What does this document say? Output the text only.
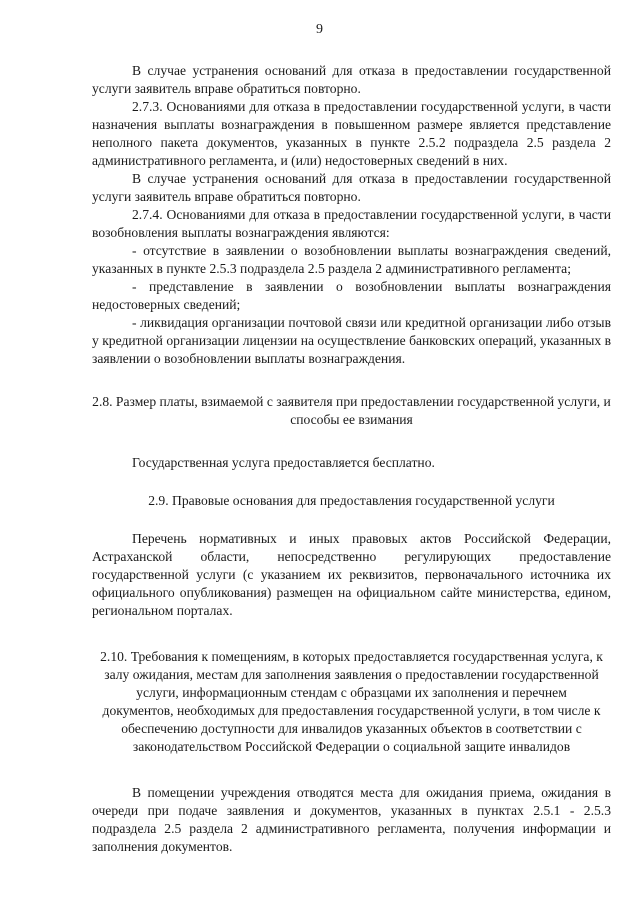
9

В случае устранения оснований для отказа в предоставлении государственной услуги заявитель вправе обратиться повторно.

2.7.3. Основаниями для отказа в предоставлении государственной услуги, в части назначения выплаты вознаграждения в повышенном размере является представление неполного пакета документов, указанных в пункте 2.5.2 подраздела 2.5 раздела 2 административного регламента, и (или) недостоверных сведений в них.

В случае устранения оснований для отказа в предоставлении государственной услуги заявитель вправе обратиться повторно.

2.7.4. Основаниями для отказа в предоставлении государственной услуги, в части возобновления выплаты вознаграждения являются:

- отсутствие в заявлении о возобновлении выплаты вознаграждения сведений, указанных в пункте 2.5.3 подраздела 2.5 раздела 2 административного регламента;

- представление в заявлении о возобновлении выплаты вознаграждения недостоверных сведений;

- ликвидация организации почтовой связи или кредитной организации либо отзыв у кредитной организации лицензии на осуществление банковских операций, указанных в заявлении о возобновлении выплаты вознаграждения.

2.8. Размер платы, взимаемой с заявителя при предоставлении государственной услуги, и способы ее взимания

Государственная услуга предоставляется бесплатно.

2.9. Правовые основания для предоставления государственной услуги

Перечень нормативных и иных правовых актов Российской Федерации, Астраханской области, непосредственно регулирующих предоставление государственной услуги (с указанием их реквизитов, первоначального источника их официального опубликования) размещен на официальном сайте министерства, едином, региональном порталах.

2.10. Требования к помещениям, в которых предоставляется государственная услуга, к залу ожидания, местам для заполнения заявления о предоставлении государственной услуги, информационным стендам с образцами их заполнения и перечнем документов, необходимых для предоставления государственной услуги, в том числе к обеспечению доступности для инвалидов указанных объектов в соответствии с законодательством Российской Федерации о социальной защите инвалидов

В помещении учреждения отводятся места для ожидания приема, ожидания в очереди при подаче заявления и документов, указанных в пунктах 2.5.1 - 2.5.3 подраздела 2.5 раздела 2 административного регламента, получения информации и заполнения документов.
